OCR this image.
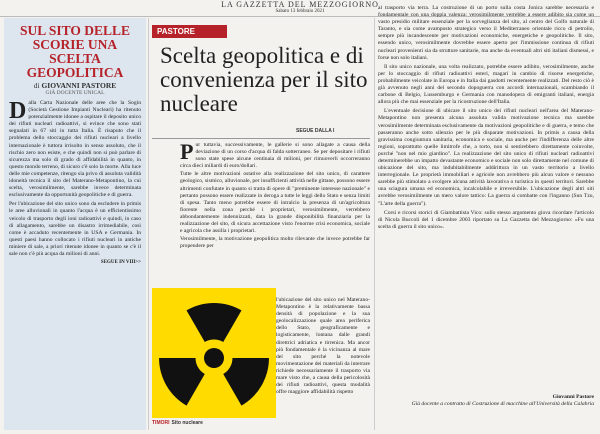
LA GAZZETTA DEL MEZZOGIORNO
Sabato 13 febbraio 2021
SUL SITO DELLE SCORIE UNA SCELTA GEOPOLITICA
di GIOVANNI PASTORE
GIÀ DOCENTE UNICAL

Dalla Carta Nazionale delle aree che la Sogin (Società Gestione Impianti Nucleari) ha ritenuto potenzialmente idonee a ospitare il deposito unico dei rifiuti nucleari radioattivi, si evince che sono stati segnalati in 67 siti in tutta Italia. È risaputo che il problema dello stoccaggio dei rifiuti nucleari a livello internazionale è tuttora irrisolto in senso assoluto, che il rischio zero non esiste, e che quindi non si può parlare di sicurezza ma solo di grado di affidabilità in quanto, in questo mondo terreno, di sicuro c'è solo la morte. Alla luce delle mie competenze, ritengo sia privo di assoluta validità idoneità tecnica il sito del Materano-Metapontino, la cui scelta, verosimilmente, sarebbe invece determinata esclusivamente da opportunità geopolitiche e di guerra.

Per l'ubicazione del sito unico sono da escludere in primis le aree alluvionali in quanto l'acqua è un efficientissimo veicolo di trasporto degli ioni radioattivi e quindi, in caso di allagamento, sarebbe un disastro irrimediabile, così come è accaduto recentemente in USA e Germania. In questi paesi hanno collocato i rifiuti nucleari in antiche miniere di sale, a priori ritenute idonee in quanto se c'è il sale non c'è più acqua da milioni di anni.

SEGUE IN VIII>>
PASTORE
Scelta geopolitica e di convenienza per il sito nucleare
SEGUE DALLA I

Pur tuttavia, successivamente, le gallerie si sono allagate a causa della deviazione di un corso d'acqua di falda sotterraneo. Se per depositare i rifiuti sono state spese alcune centinaia di milioni, per rimuoverli occorreranno circa dieci miliardi di euro/dollari.

Tutte le altre motivazioni ostative alla realizzazione del sito unico, di carattere geologico, sismico, alluvionale, per insufficienti attività nelle gittane, possono essere altrimenti confutate in quanto si tratta di opere di "preminente interesse nazionale" e pertanto possono essere realizzate in deroga a tutte le leggi dello Stato e senza limiti di spesa. Tanto meno potrebbe essere di intralcio la presenza di un'agricoltura fiorente nella zona perché i proprietari, verosimilmente, verrebbero abbondantemente indennizzati, data la grande disponibilità finanziaria per la realizzazione del sito, di sicura accettazione visto l'enorme crisi economica, sociale e agricola che assilla i proprietari.

Verosimilmente, la motivazione geopolitica molto rilevante che invece potrebbe far propendere per

l'ubicazione del sito unico nel Materano-Metapontino è la relativamente bassa densità di popolazione e la sua geolocalizzazione quale area periferica dello Stato, geograficamente e logisticamente, lontana dalle grandi direttrici adriatica e tirrenica. Ma ancor più fondamentale è la vicinanza al mare del sito perché la notevole movimentazione dei materiali da interrare richiede necessariamente il trasporto via mare visto che, a causa della pericolosità dei rifiuti radioattivi, questa modalità offre maggiore affidabilità rispetto
TIMORI Sito nucleare

al trasporto via terra. La costruzione di un porto sulla costa Jonica sarebbe necessaria e fondamentale con una doppia valenza: verosimilmente verrebbe a essere adibito sia come un vasto presidio militare essenziale per la sorveglianza del sito, al centro del Golfo naturale di Taranto, e sia come avamposto strategico verso il Mediterraneo orientale ricco di petrolio, sempre più incandescente per motivazioni economiche, energetiche e geopolitiche. Il sito, essendo unico, verosimilmente dovrebbe essere aperto per l'immissione continua di rifiuti nucleari provenienti sia da strutture sanitarie, ma anche da eventuali altri siti italiani dismessi, e forse non solo italiani.

Il sito unico nazionale, una volta realizzato, potrebbe essere adibito, verosimilmente, anche per lo stoccaggio di rifiuti radioattivi esteri, magari in cambio di risorse energetiche, probabilmente veicolate in Europa e in Italia dai gasdotti recentemente realizzati. Del resto ciò è già avvenuto negli anni del secondo dopoguerra con accordi internazionali, scambiando il carbone di Belgio, Lussemburgo e Germania con manodopera di emigranti italiani, energia allora più che mai essenziale per la ricostruzione dell'Italia.

L'eventuale decisione di ubicare il sito unico dei rifiuti nucleari nell'area del Materano-Metapontino non presenta alcuna assoluta valida motivazione tecnica ma sarebbe verosimilmente determinata esclusivamente da motivazioni geopolitiche e di guerra, e temo che passeranno anche sotto silenzio per le più disparate motivazioni. In primis a causa della gravissima congiuntura sanitaria, economica e sociale, ma anche per l'indifferenza delle altre regioni, soprattutto quelle limitrofe che, a torto, non si sentirebbero direttamente coinvolte, purché "non nel mio giardino". La realizzazione del sito unico di rifiuti nucleari radioattivi determinerebbe un impatto devastante economico e sociale non solo direttamente nel comune di ubicazione del sito, ma indubitabilmente addirittura in un vasto territorio a livello interregionale. Le proprietà immobiliari e agricole non avrebbero più alcun valore e nessuno sarebbe più stimolato a svolgere alcuna attività lavorativa o turistica in questi territori. Sarebbe una sciagura umana ed economica, incalcolabile e irreversibile. L'ubicazione degli altri siti avrebbe verosimilmente un mero valore tattico: La guerra si combatte con l'inganno (Sun Tzu, "L'arte della guerra").

Corsi e ricorsi storici di Giambattista Vico: sullo stesso argomento giova ricordare l'articolo di Nicola Buccoli del 1 dicembre 2003 riportato su La Gazzetta del Mezzogiorno: «Fu una scelta di guerra il sito unico».

Giovanni Pastore
Già docente a contratto di Costruzione di macchine all'Università della Calabria
